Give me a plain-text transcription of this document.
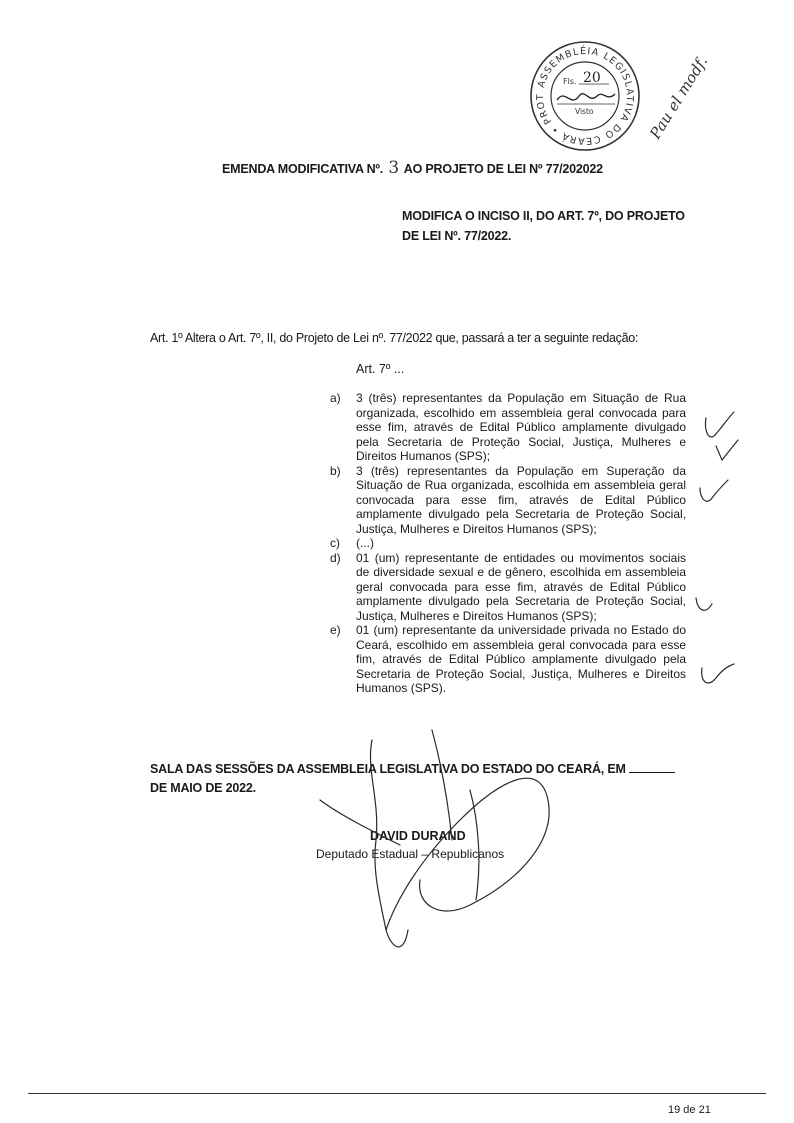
ASSEMBLÉIA LEGISLATIVA DO CEARÁ • PROT
Fls. 20
Visto	Pau el modf.
EMENDA MODIFICATIVA Nº. 3 AO PROJETO DE LEI Nº 77/202022
MODIFICA O INCISO II, DO ART. 7º, DO PROJETO
DE LEI Nº. 77/2022.
Art. 1º Altera o Art. 7º, II, do Projeto de Lei nº. 77/2022 que, passará a ter a seguinte redação:
Art. 7º ...
a)	3 (três) representantes da População em Situação de Rua organizada, escolhido em assembleia geral convocada para esse fim, através de Edital Público amplamente divulgado pela Secretaria de Proteção Social, Justiça, Mulheres e Direitos Humanos (SPS);
b)	3 (três) representantes da População em Superação da Situação de Rua organizada, escolhida em assembleia geral convocada para esse fim, através de Edital Público amplamente divulgado pela Secretaria de Proteção Social, Justiça, Mulheres e Direitos Humanos (SPS);
c)	(...)
d)	01 (um) representante de entidades ou movimentos sociais de diversidade sexual e de gênero, escolhida em assembleia geral convocada para esse fim, através de Edital Público amplamente divulgado pela Secretaria de Proteção Social, Justiça, Mulheres e Direitos Humanos (SPS);
e)	01 (um) representante da universidade privada no Estado do Ceará, escolhido em assembleia geral convocada para esse fim, através de Edital Público amplamente divulgado pela Secretaria de Proteção Social, Justiça, Mulheres e Direitos Humanos (SPS).
SALA DAS SESSÕES DA ASSEMBLEIA LEGISLATIVA DO ESTADO DO CEARÁ, EM
DE MAIO DE 2022.
DAVID DURAND
Deputado Estadual – Republicanos
19 de 21
